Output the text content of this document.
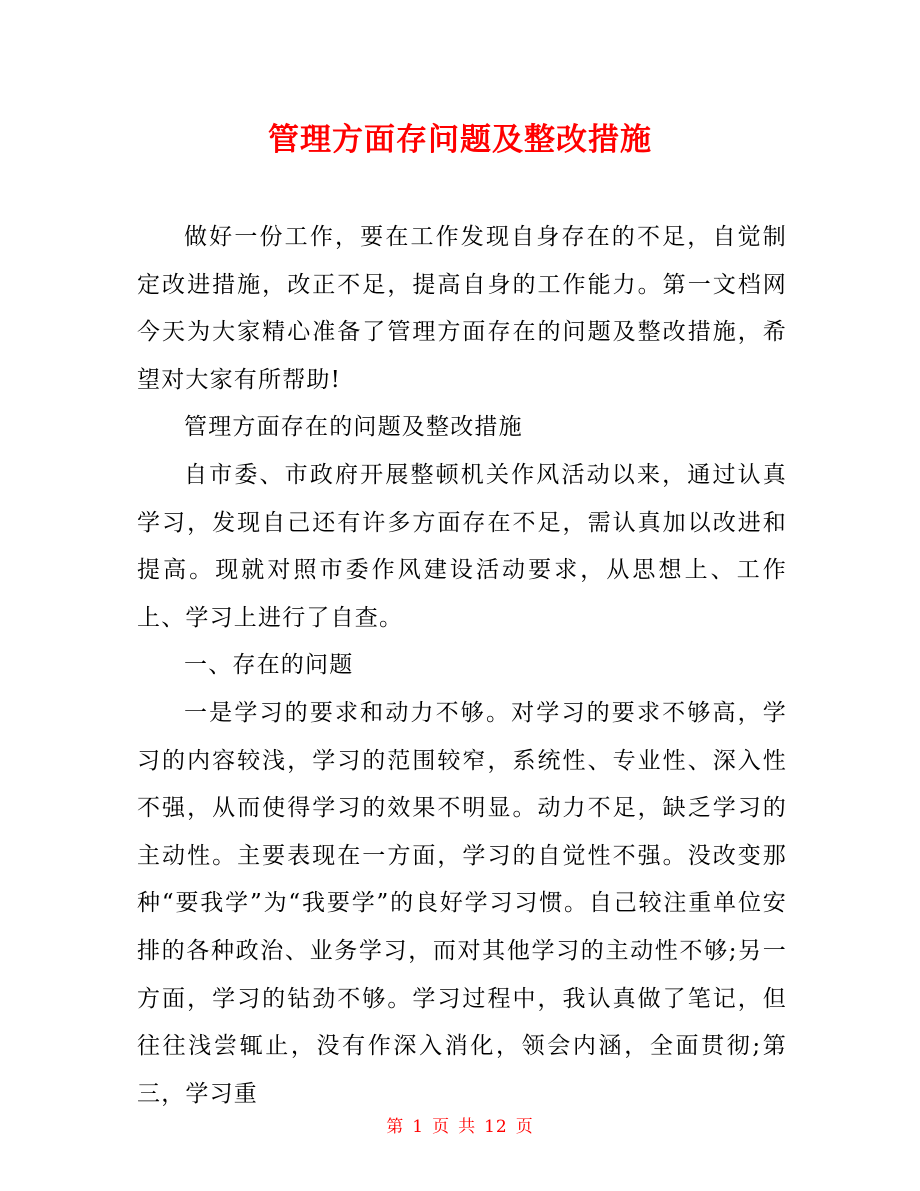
管理方面存问题及整改措施

做好一份工作，要在工作发现自身存在的不足，自觉制定改进措施，改正不足，提高自身的工作能力。第一文档网今天为大家精心准备了管理方面存在的问题及整改措施，希望对大家有所帮助!

管理方面存在的问题及整改措施

自市委、市政府开展整顿机关作风活动以来，通过认真学习，发现自己还有许多方面存在不足，需认真加以改进和提高。现就对照市委作风建设活动要求，从思想上、工作上、学习上进行了自查。

一、存在的问题

一是学习的要求和动力不够。对学习的要求不够高，学习的内容较浅，学习的范围较窄，系统性、专业性、深入性不强，从而使得学习的效果不明显。动力不足，缺乏学习的主动性。主要表现在一方面，学习的自觉性不强。没改变那种“要我学”为“我要学”的良好学习习惯。自己较注重单位安排的各种政治、业务学习，而对其他学习的主动性不够;另一方面，学习的钻劲不够。学习过程中，我认真做了笔记，但往往浅尝辄止，没有作深入消化，领会内涵，全面贯彻;第三，学习重

第 1 页 共 12 页
